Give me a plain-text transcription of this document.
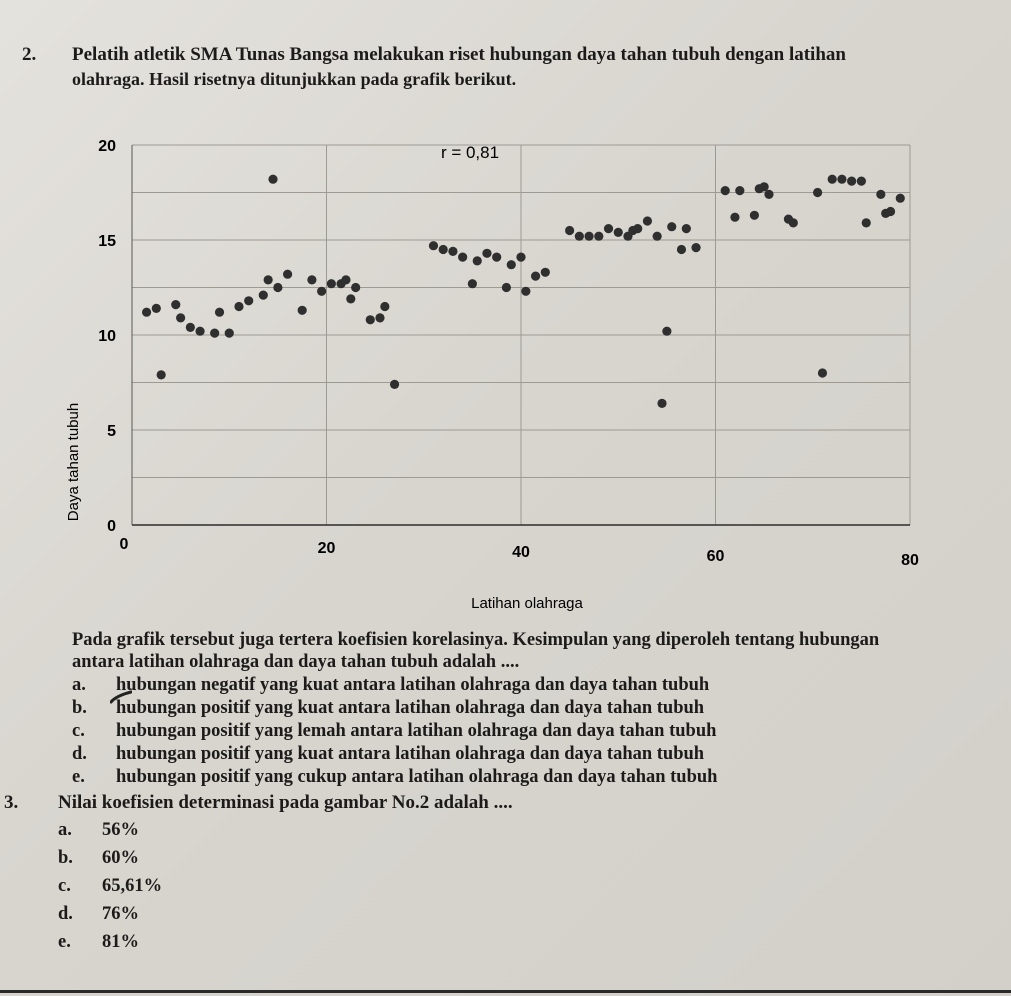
2. Pelatih atletik SMA Tunas Bangsa melakukan riset hubungan daya tahan tubuh dengan latihan
olahraga. Hasil risetnya ditunjukkan pada grafik berikut.
0	20	40	60	80
0
5
10
15
20	r = 0,81
Latihan olahraga
Daya tahan tubuh
Pada grafik tersebut juga tertera koefisien korelasinya. Kesimpulan yang diperoleh tentang hubungan
antara latihan olahraga dan daya tahan tubuh adalah ....
a. hubungan negatif yang kuat antara latihan olahraga dan daya tahan tubuh
b. hubungan positif yang kuat antara latihan olahraga dan daya tahan tubuh
c. hubungan positif yang lemah antara latihan olahraga dan daya tahan tubuh
d. hubungan positif yang kuat antara latihan olahraga dan daya tahan tubuh
e. hubungan positif yang cukup antara latihan olahraga dan daya tahan tubuh
3. Nilai koefisien determinasi pada gambar No.2 adalah ....
a. 56%
b. 60%
c. 65,61%
d. 76%
e. 81%
